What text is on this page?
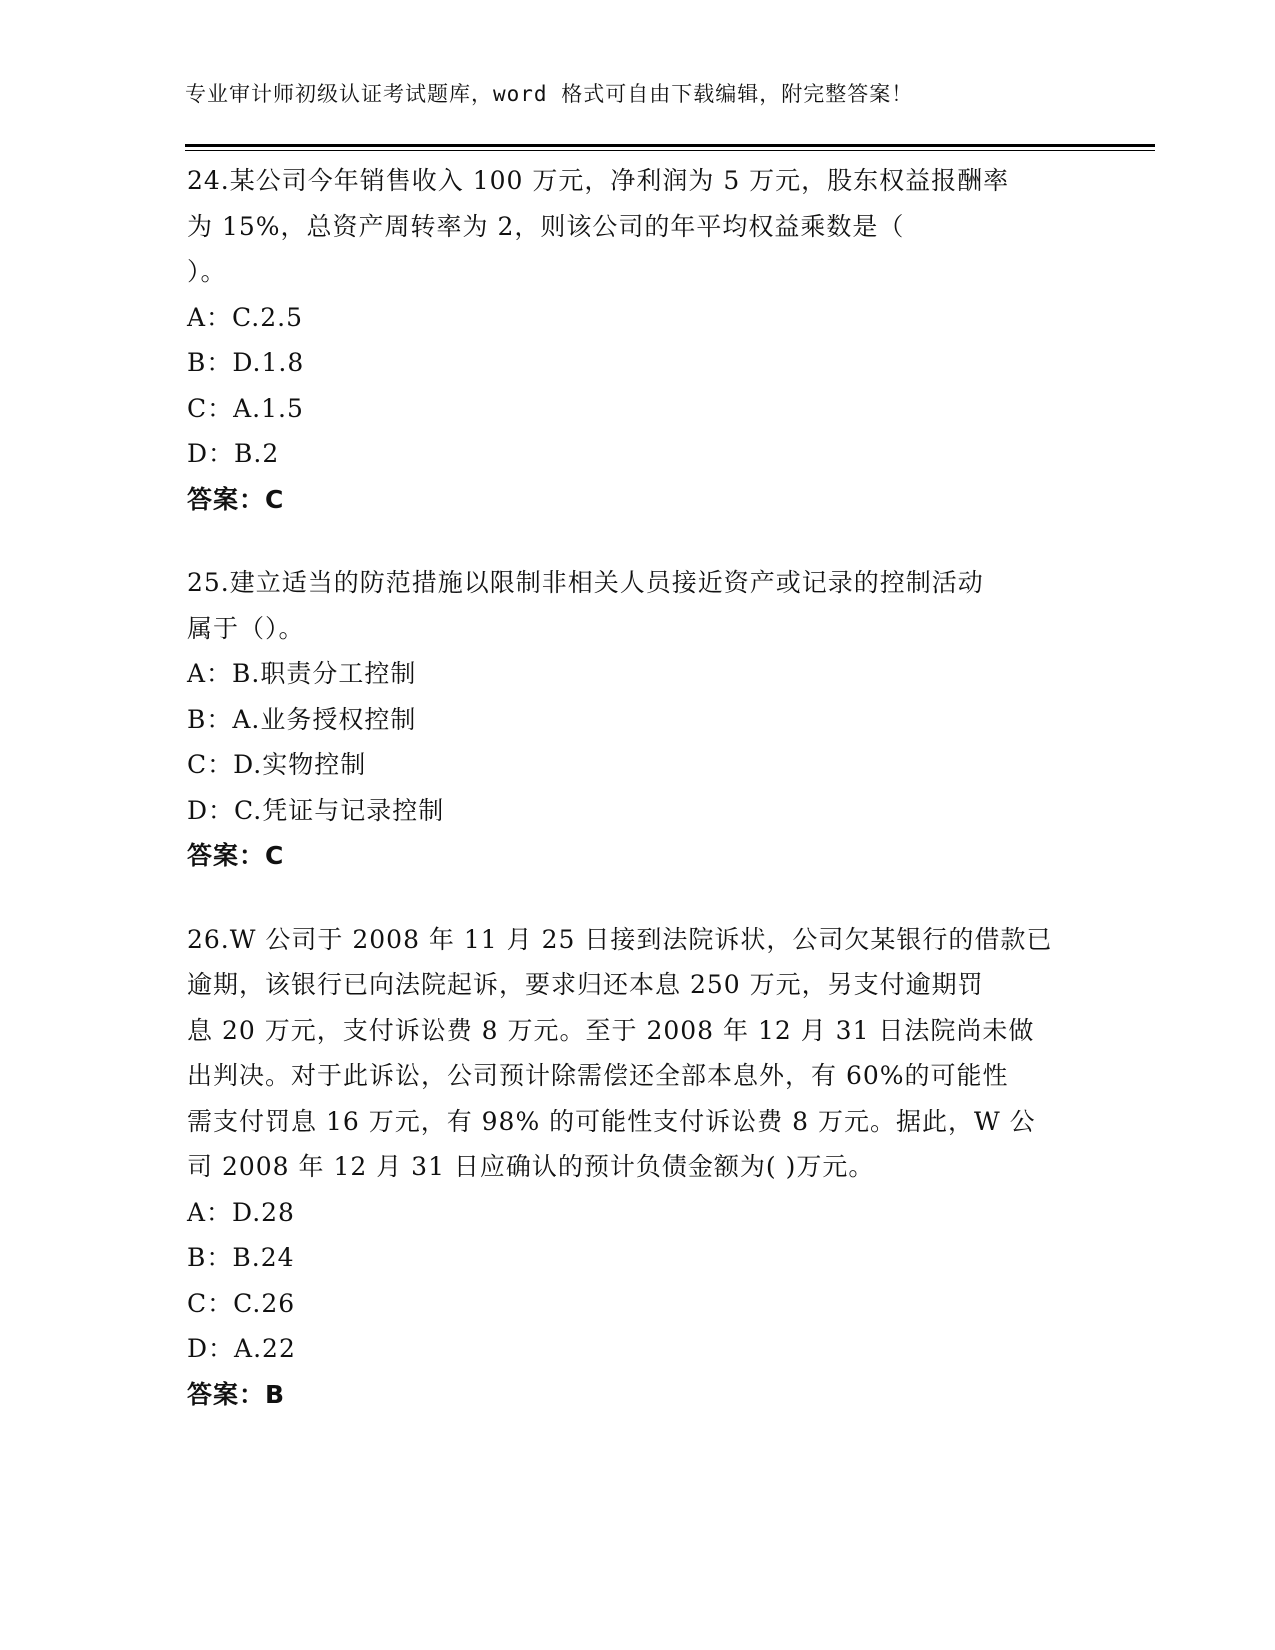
专业审计师初级认证考试题库，word 格式可自由下载编辑，附完整答案！
24.某公司今年销售收入 100 万元，净利润为 5 万元，股东权益报酬率
为 15%，总资产周转率为 2，则该公司的年平均权益乘数是（
）。
A：C.2.5
B：D.1.8
C：A.1.5
D：B.2
答案：C
25.建立适当的防范措施以限制非相关人员接近资产或记录的控制活动
属于（）。
A：B.职责分工控制
B：A.业务授权控制
C：D.实物控制
D：C.凭证与记录控制
答案：C
26.W 公司于 2008 年 11 月 25 日接到法院诉状，公司欠某银行的借款已
逾期，该银行已向法院起诉，要求归还本息 250 万元，另支付逾期罚
息 20 万元，支付诉讼费 8 万元。至于 2008 年 12 月 31 日法院尚未做
出判决。对于此诉讼，公司预计除需偿还全部本息外，有 60%的可能性
需支付罚息 16 万元，有 98% 的可能性支付诉讼费 8 万元。据此，W 公
司 2008 年 12 月 31 日应确认的预计负债金额为( )万元。
A：D.28
B：B.24
C：C.26
D：A.22
答案：B
